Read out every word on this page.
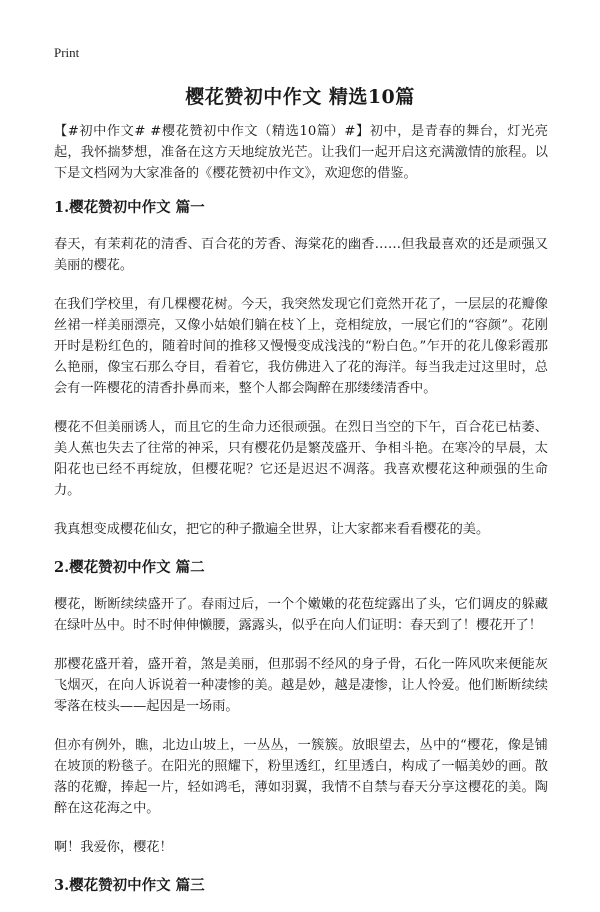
Print
樱花赞初中作文 精选10篇

【#初中作文# #樱花赞初中作文（精选10篇）#】初中，是青春的舞台，灯光亮起，我怀揣梦想，准备在这方天地绽放光芒。让我们一起开启这充满激情的旅程。以下是文档网为大家准备的《樱花赞初中作文》，欢迎您的借鉴。

1.樱花赞初中作文 篇一

春天，有茉莉花的清香、百合花的芳香、海棠花的幽香……但我最喜欢的还是顽强又美丽的樱花。

在我们学校里，有几棵樱花树。今天，我突然发现它们竟然开花了，一层层的花瓣像丝裙一样美丽漂亮，又像小姑娘们躺在枝丫上，竞相绽放，一展它们的“容颜”。花刚开时是粉红色的，随着时间的推移又慢慢变成浅浅的“粉白色。”乍开的花儿像彩霞那么艳丽，像宝石那么夺目，看着它，我仿佛进入了花的海洋。每当我走过这里时，总会有一阵樱花的清香扑鼻而来，整个人都会陶醉在那缕缕清香中。

樱花不但美丽诱人，而且它的生命力还很顽强。在烈日当空的下午，百合花已枯萎、美人蕉也失去了往常的神采，只有樱花仍是繁茂盛开、争相斗艳。在寒冷的早晨，太阳花也已经不再绽放，但樱花呢？它还是迟迟不凋落。我喜欢樱花这种顽强的生命力。

我真想变成樱花仙女，把它的种子撒遍全世界，让大家都来看看樱花的美。

2.樱花赞初中作文 篇二

樱花，断断续续盛开了。春雨过后，一个个嫩嫩的花苞绽露出了头，它们调皮的躲藏在绿叶丛中。时不时伸伸懒腰，露露头，似乎在向人们证明：春天到了！樱花开了！

那樱花盛开着，盛开着，煞是美丽，但那弱不经风的身子骨，石化一阵风吹来便能灰飞烟灭，在向人诉说着一种凄惨的美。越是妙，越是凄惨，让人怜爱。他们断断续续零落在枝头——起因是一场雨。

但亦有例外，瞧，北边山坡上，一丛丛，一簇簇。放眼望去，丛中的“樱花，像是铺在坡顶的粉毯子。在阳光的照耀下，粉里透红，红里透白，构成了一幅美妙的画。散落的花瓣，捧起一片，轻如鸿毛，薄如羽翼，我情不自禁与春天分享这樱花的美。陶醉在这花海之中。

啊！我爱你，樱花！

3.樱花赞初中作文 篇三
